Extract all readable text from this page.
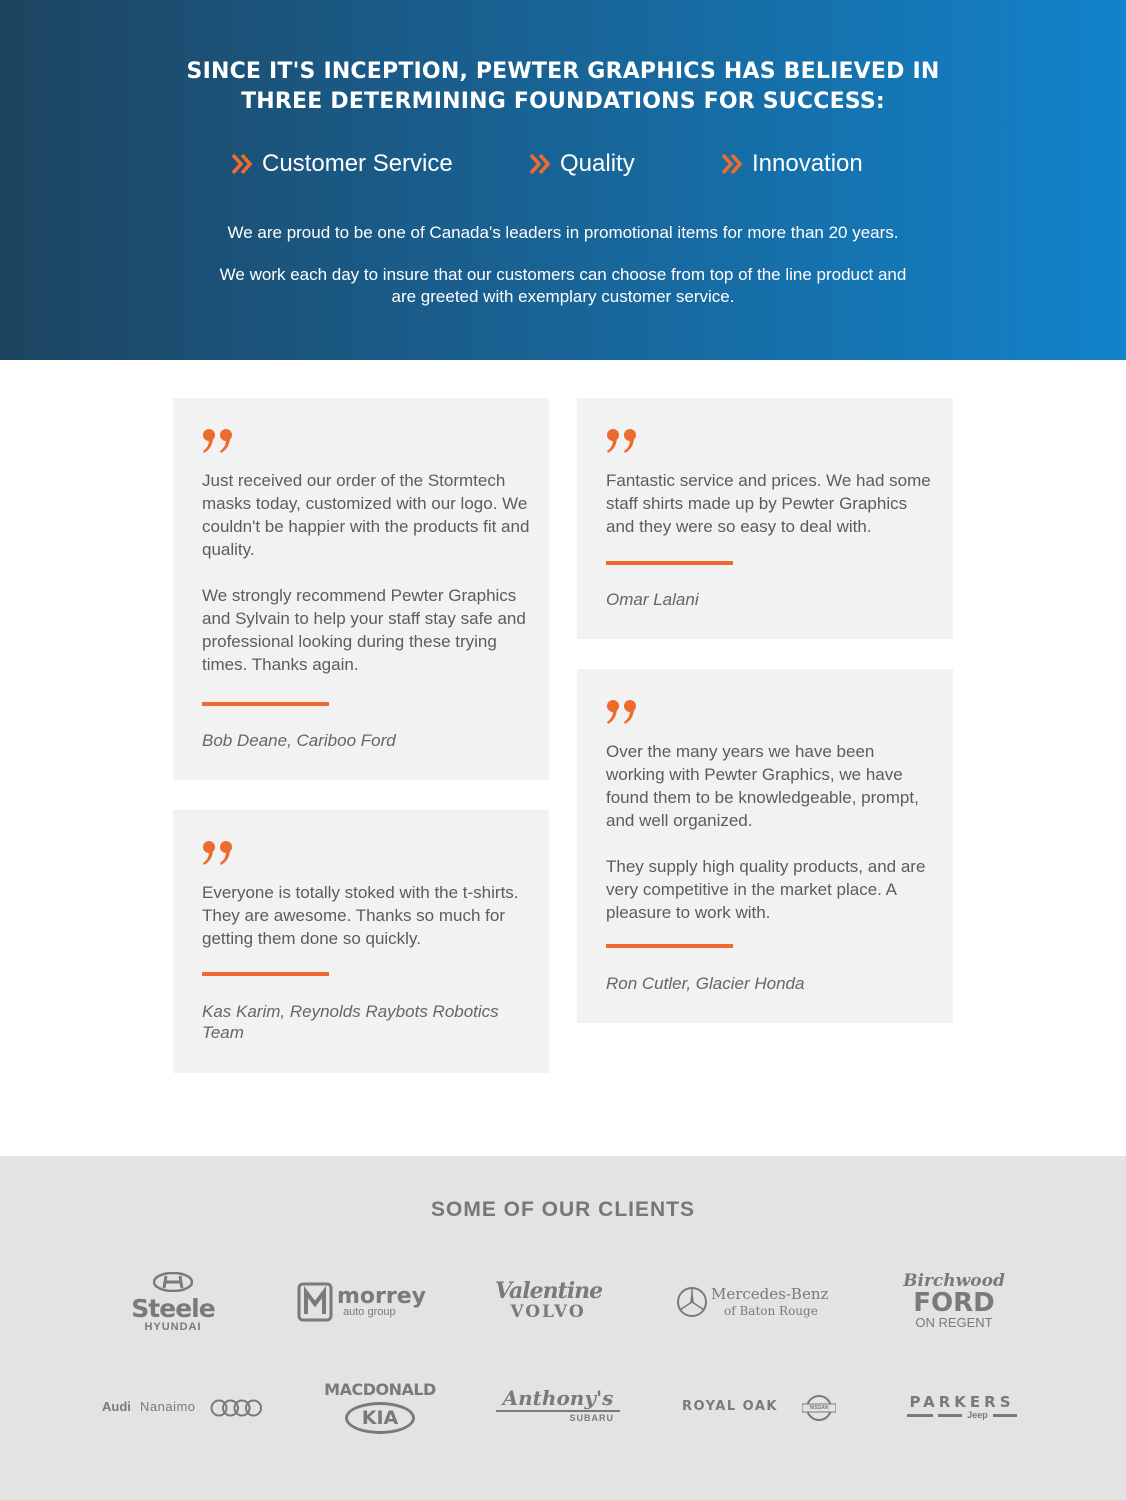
SINCE IT'S INCEPTION, PEWTER GRAPHICS HAS BELIEVED IN
THREE DETERMINING FOUNDATIONS FOR SUCCESS:
Customer Service	Quality	Innovation

We are proud to be one of Canada's leaders in promotional items for more than 20 years.

We work each day to insure that our customers can choose from top of the line product and are greeted with exemplary customer service.

Just received our order of the Stormtech masks today, customized with our logo. We couldn't be happier with the products fit and quality.

We strongly recommend Pewter Graphics and Sylvain to help your staff stay safe and professional looking during these trying times. Thanks again.

Bob Deane, Cariboo Ford

Fantastic service and prices. We had some staff shirts made up by Pewter Graphics and they were so easy to deal with.

Omar Lalani

Everyone is totally stoked with the t-shirts. They are awesome. Thanks so much for getting them done so quickly.

Kas Karim, Reynolds Raybots Robotics Team

Over the many years we have been working with Pewter Graphics, we have found them to be knowledgeable, prompt, and well organized.

They supply high quality products, and are very competitive in the market place. A pleasure to work with.

Ron Cutler, Glacier Honda
SOME OF OUR CLIENTS
Steele
HYUNDAI
morrey
auto group
Valentine
VOLVO
Mercedes-Benz
of Baton Rouge
Birchwood
FORD
ON REGENT
Audi Nanaimo
MACDONALD
KIA
Anthony's
SUBARU
ROYAL OAK	NISSAN	PARKERS
Jeep
